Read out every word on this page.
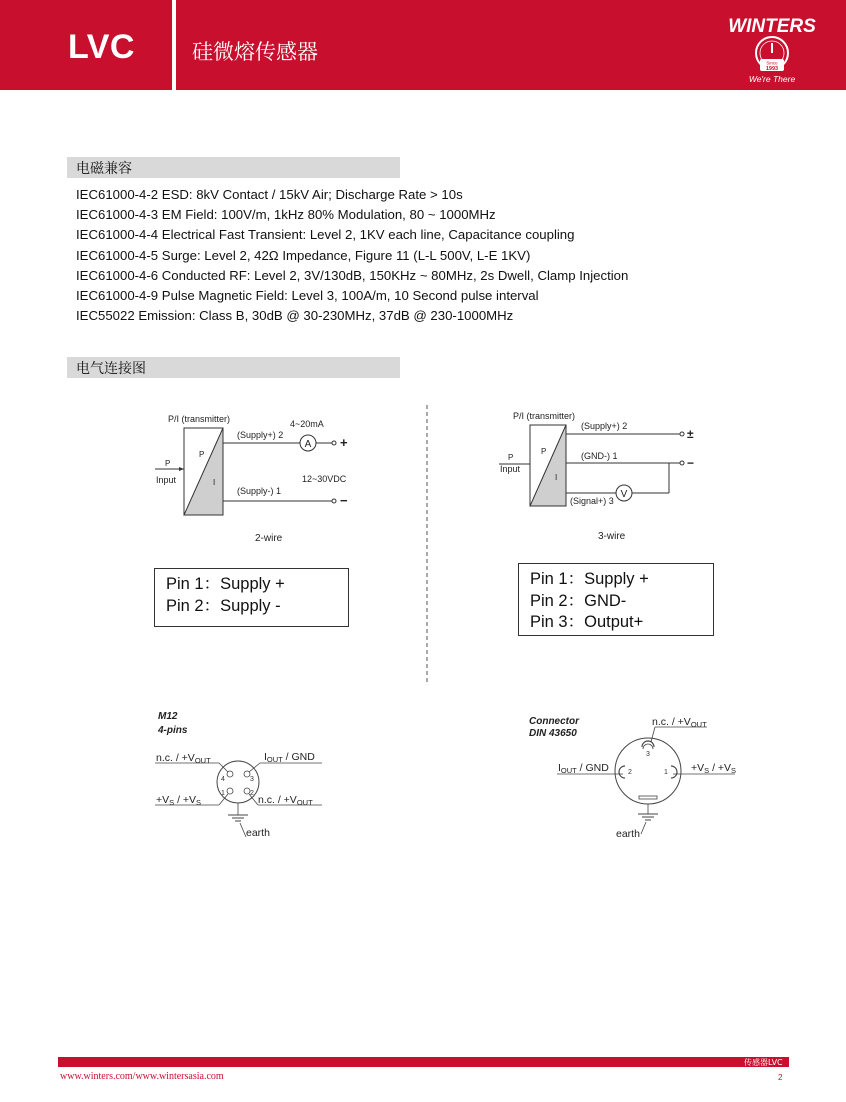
LVC	硅微熔传感器
WINTERS
Since
1993
We're There
电磁兼容
IEC61000-4-2 ESD: 8kV Contact / 15kV Air; Discharge Rate > 10s
IEC61000-4-3 EM Field: 100V/m, 1kHz 80% Modulation, 80 ~ 1000MHz
IEC61000-4-4 Electrical Fast Transient: Level 2, 1KV each line, Capacitance coupling
IEC61000-4-5 Surge: Level 2, 42Ω Impedance, Figure 11 (L-L 500V, L-E 1KV)
IEC61000-4-6 Conducted RF: Level 2, 3V/130dB, 150KHz ~ 80MHz, 2s Dwell, Clamp Injection
IEC61000-4-9 Pulse Magnetic Field: Level 3, 100A/m, 10 Second pulse interval
IEC55022 Emission: Class B, 30dB @ 30-230MHz, 37dB @ 230-1000MHz
电气连接图
P/I (transmitter)	4~20mA
P
I
P
Input
A +
(Supply+) 2
12~30VDC
−
(Supply-) 1
2-wire
Pin 1：Supply +
Pin 2：Supply -
P/I (transmitter)
P
I
P
Input
±
(Supply+) 2
−
(GND-) 1
V
(Signal+) 3
3-wire
Pin 1：Supply +
Pin 2：GND-
Pin 3：Output+
M12
4-pins
4	3
1	2
n.c. / +VOUT	IOUT / GND
+VS / +VS	n.c. / +VOUT
earth
Connector
DIN 43650
3
2	1
n.c. / +VOUT
IOUT / GND	+VS / +VS
earth
传感器LVC
www.winters.com/www.wintersasia.com	2
